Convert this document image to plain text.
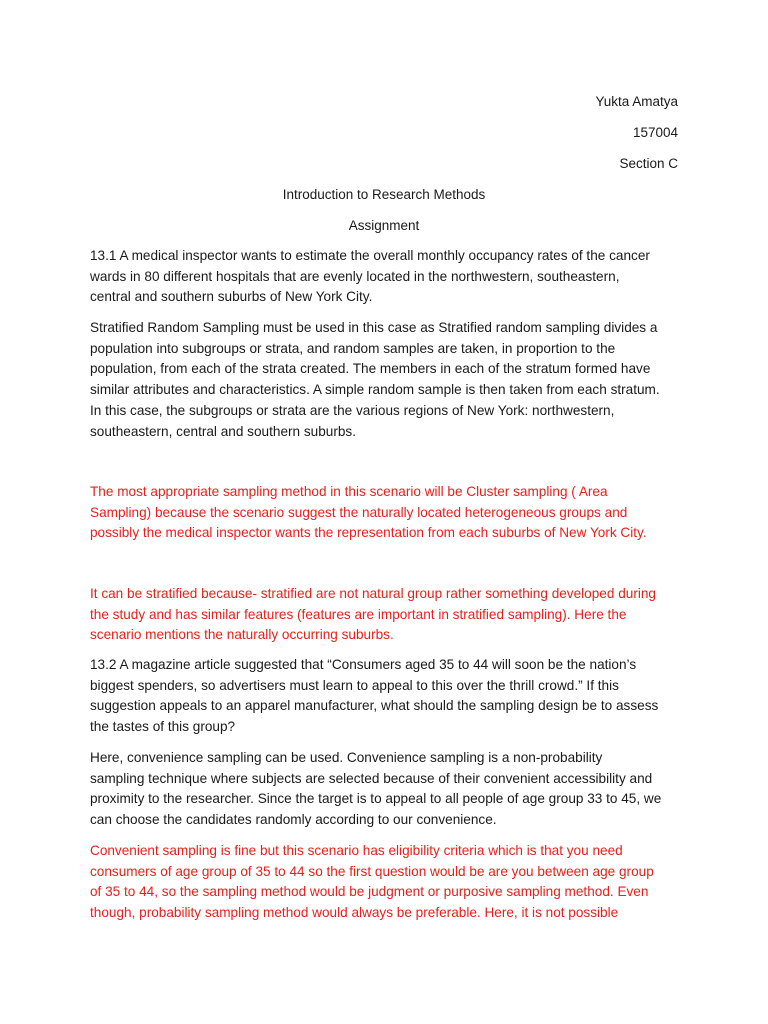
Yukta Amatya
157004
Section C
Introduction to Research Methods
Assignment
13.1 A medical inspector wants to estimate the overall monthly occupancy rates of the cancer
wards in 80 different hospitals that are evenly located in the northwestern, southeastern,
central and southern suburbs of New York City.
Stratified Random Sampling must be used in this case as Stratified random sampling divides a
population into subgroups or strata, and random samples are taken, in proportion to the
population, from each of the strata created. The members in each of the stratum formed have
similar attributes and characteristics. A simple random sample is then taken from each stratum.
In this case, the subgroups or strata are the various regions of New York: northwestern,
southeastern, central and southern suburbs.
The most appropriate sampling method in this scenario will be Cluster sampling ( Area
Sampling) because the scenario suggest the naturally located heterogeneous groups and
possibly the medical inspector wants the representation from each suburbs of New York City.
It can be stratified because- stratified are not natural group rather something developed during
the study and has similar features (features are important in stratified sampling). Here the
scenario mentions the naturally occurring suburbs.
13.2 A magazine article suggested that “Consumers aged 35 to 44 will soon be the nation’s
biggest spenders, so advertisers must learn to appeal to this over the thrill crowd.” If this
suggestion appeals to an apparel manufacturer, what should the sampling design be to assess
the tastes of this group?
Here, convenience sampling can be used. Convenience sampling is a non-probability
sampling technique where subjects are selected because of their convenient accessibility and
proximity to the researcher. Since the target is to appeal to all people of age group 33 to 45, we
can choose the candidates randomly according to our convenience.
Convenient sampling is fine but this scenario has eligibility criteria which is that you need
consumers of age group of 35 to 44 so the first question would be are you between age group
of 35 to 44, so the sampling method would be judgment or purposive sampling method. Even
though, probability sampling method would always be preferable. Here, it is not possible
